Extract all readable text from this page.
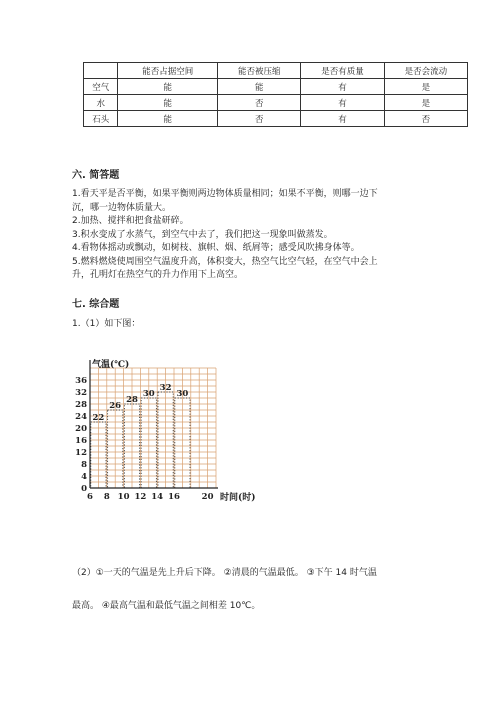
	能否占据空间	能否被压缩	是否有质量	是否会流动
空气	能	能	有	是
水	能	否	有	是
石头	能	否	有	否
六. 简答题
1.看天平是否平衡，如果平衡则两边物体质量相同；如果不平衡，则哪一边下
沉，哪一边物体质量大。
2.加热、搅拌和把食盐研碎。
3.积水变成了水蒸气，到空气中去了，我们把这一现象叫做蒸发。
4.看物体摇动或飘动，如树枝、旗帜、烟、纸屑等；感受风吹拂身体等。
5.燃料燃烧使周围空气温度升高，体积变大，热空气比空气轻，在空气中会上
升，孔明灯在热空气的升力作用下上高空。
七. 综合题
1.（1）如下图：
22
26
28
30
32
30
0
4
8
12
16
20
24
28
32
36
6 8 10 12 14 16	20
气温(℃)
时间(时)
（2）①一天的气温是先上升后下降。 ②清晨的气温最低。 ③下午 14 时气温
最高。 ④最高气温和最低气温之间相差 10℃。
